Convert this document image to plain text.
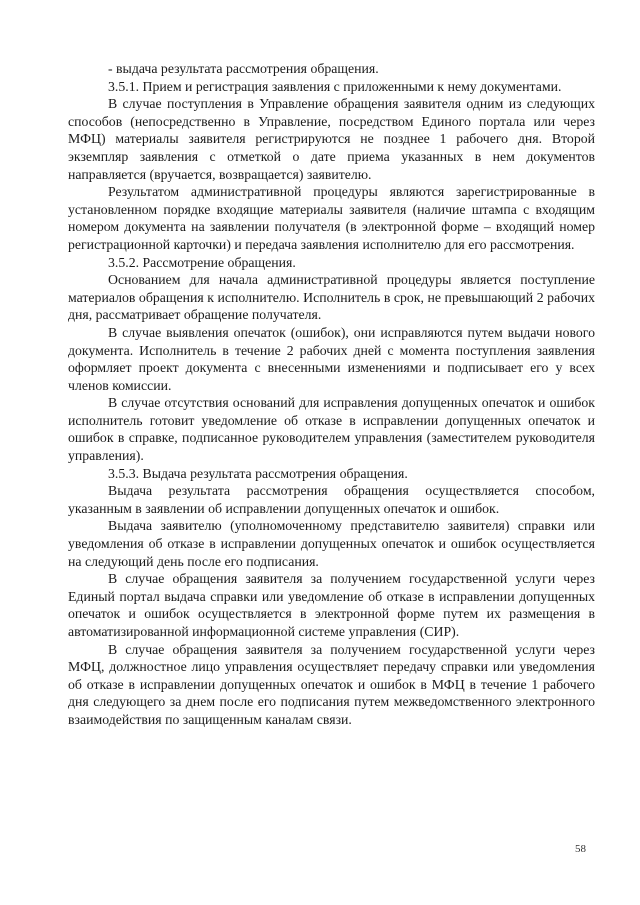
- выдача результата рассмотрения обращения.

3.5.1. Прием и регистрация заявления с приложенными к нему документами.

В случае поступления в Управление обращения заявителя одним из следующих способов (непосредственно в Управление, посредством Единого портала или через МФЦ) материалы заявителя регистрируются не позднее 1 рабочего дня. Второй экземпляр заявления с отметкой о дате приема указанных в нем документов направляется (вручается, возвращается) заявителю.

Результатом административной процедуры являются зарегистрированные в установленном порядке входящие материалы заявителя (наличие штампа с входящим номером документа на заявлении получателя (в электронной форме – входящий номер регистрационной карточки) и передача заявления исполнителю для его рассмотрения.

3.5.2. Рассмотрение обращения.

Основанием для начала административной процедуры является поступление материалов обращения к исполнителю. Исполнитель в срок, не превышающий 2 рабочих дня, рассматривает обращение получателя.

В случае выявления опечаток (ошибок), они исправляются путем выдачи нового документа. Исполнитель в течение 2 рабочих дней с момента поступления заявления оформляет проект документа с внесенными изменениями и подписывает его у всех членов комиссии.

В случае отсутствия оснований для исправления допущенных опечаток и ошибок исполнитель готовит уведомление об отказе в исправлении допущенных опечаток и ошибок в справке, подписанное руководителем управления (заместителем руководителя управления).

3.5.3. Выдача результата рассмотрения обращения.

Выдача результата рассмотрения обращения осуществляется способом, указанным в заявлении об исправлении допущенных опечаток и ошибок.

Выдача заявителю (уполномоченному представителю заявителя) справки или уведомления об отказе в исправлении допущенных опечаток и ошибок осуществляется на следующий день после его подписания.

В случае обращения заявителя за получением государственной услуги через Единый портал выдача справки или уведомление об отказе в исправлении допущенных опечаток и ошибок осуществляется в электронной форме путем их размещения в автоматизированной информационной системе управления (СИР).

В случае обращения заявителя за получением государственной услуги через МФЦ, должностное лицо управления осуществляет передачу справки или уведомления об отказе в исправлении допущенных опечаток и ошибок в МФЦ в течение 1 рабочего дня следующего за днем после его подписания путем межведомственного электронного взаимодействия по защищенным каналам связи.

58
